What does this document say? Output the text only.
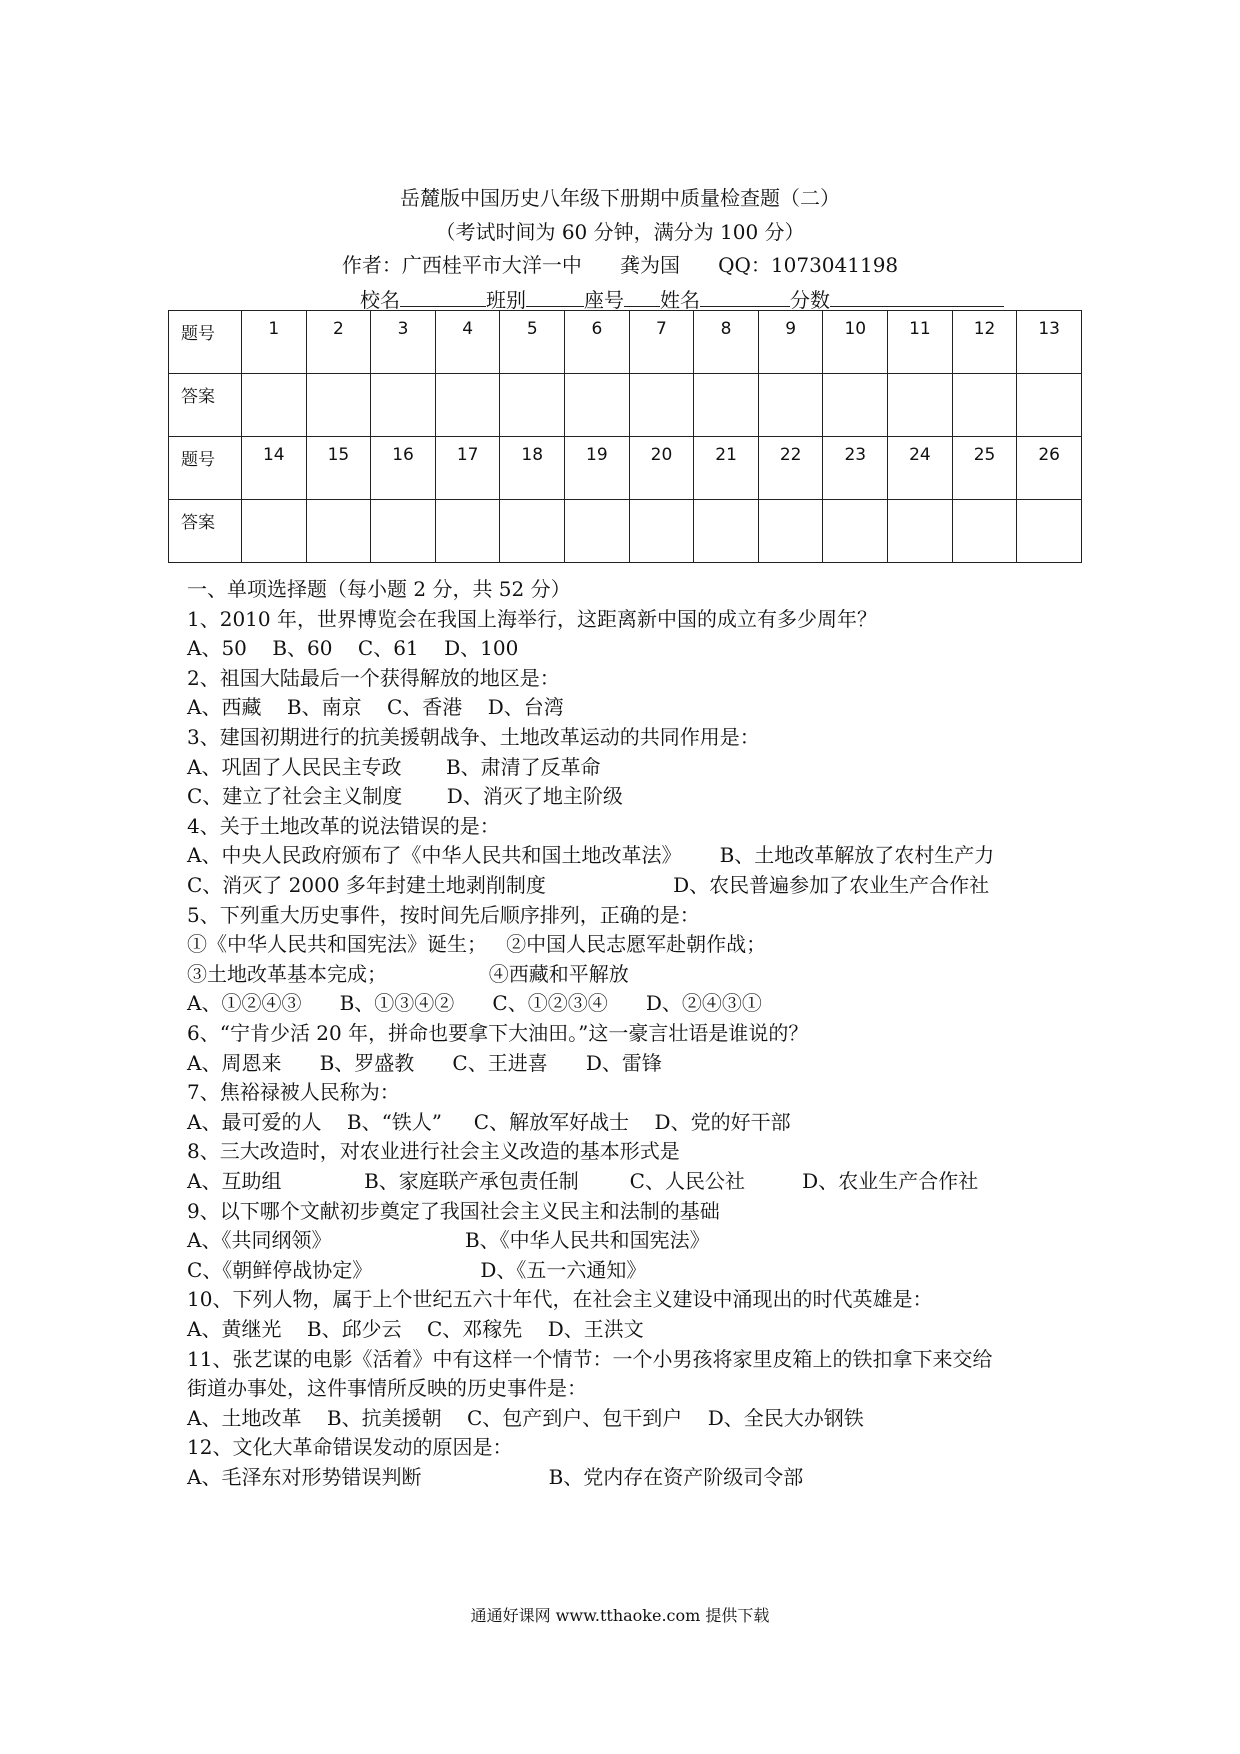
岳麓版中国历史八年级下册期中质量检查题（二）
（考试时间为 60 分钟，满分为 100 分）
作者：广西桂平市大洋一中      龚为国      QQ：1073041198
校名	班别	座号 姓名	分数
题号	1	2	3	4	5	6	7	8	9	10	11	12	13
答案													
题号	14	15	16	17	18	19	20	21	22	23	24	25	26
答案													
一、单项选择题（每小题 2 分，共 52 分）
1、2010 年，世界博览会在我国上海举行，这距离新中国的成立有多少周年？
A、50    B、60    C、61    D、100
2、祖国大陆最后一个获得解放的地区是：
A、西藏    B、南京    C、香港    D、台湾
3、建国初期进行的抗美援朝战争、土地改革运动的共同作用是：
A、巩固了人民民主专政       B、肃清了反革命
C、建立了社会主义制度       D、消灭了地主阶级
4、关于土地改革的说法错误的是：
A、中央人民政府颁布了《中华人民共和国土地改革法》      B、土地改革解放了农村生产力
C、消灭了 2000 多年封建土地剥削制度                    D、农民普遍参加了农业生产合作社
5、下列重大历史事件，按时间先后顺序排列，正确的是：
①《中华人民共和国宪法》诞生；   ②中国人民志愿军赴朝作战；
③土地改革基本完成；                ④西藏和平解放
A、①②④③      B、①③④②      C、①②③④      D、②④③①
6、“宁肯少活 20 年，拼命也要拿下大油田。”这一豪言壮语是谁说的？
A、周恩来      B、罗盛教      C、王进喜      D、雷锋
7、焦裕禄被人民称为：
A、最可爱的人    B、“铁人”     C、解放军好战士    D、党的好干部
8、三大改造时，对农业进行社会主义改造的基本形式是
A、互助组             B、家庭联产承包责任制        C、人民公社         D、农业生产合作社
9、以下哪个文献初步奠定了我国社会主义民主和法制的基础
A、《共同纲领》                     B、《中华人民共和国宪法》
C、《朝鲜停战协定》                 D、《五一六通知》
10、下列人物，属于上个世纪五六十年代，在社会主义建设中涌现出的时代英雄是：
A、黄继光    B、邱少云    C、邓稼先    D、王洪文
11、张艺谋的电影《活着》中有这样一个情节：一个小男孩将家里皮箱上的铁扣拿下来交给
街道办事处，这件事情所反映的历史事件是：
A、土地改革    B、抗美援朝    C、包产到户、包干到户    D、全民大办钢铁
12、文化大革命错误发动的原因是：
A、毛泽东对形势错误判断                    B、党内存在资产阶级司令部
通通好课网 www.tthaoke.com 提供下载
